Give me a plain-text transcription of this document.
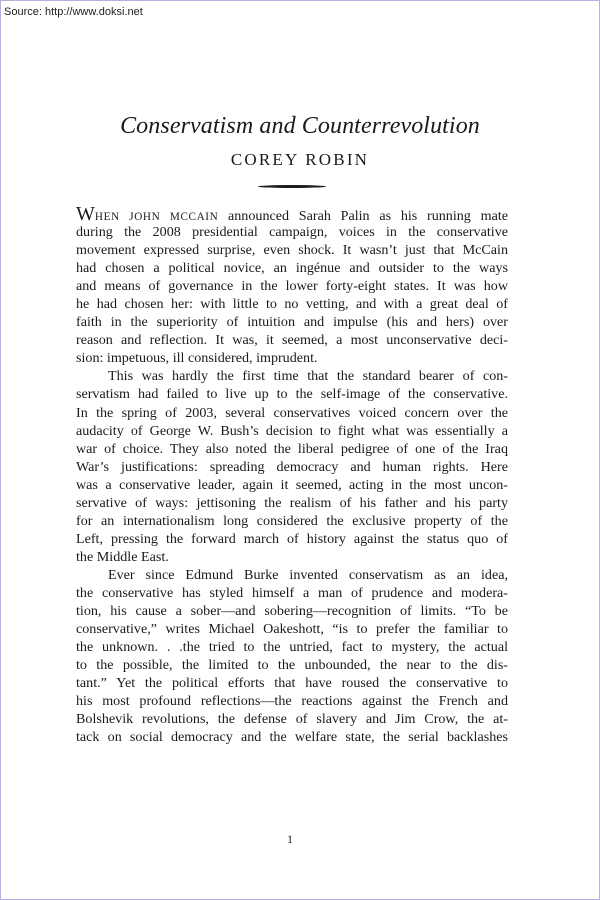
Source: http://www.doksi.net
Conservatism and Counterrevolution
COREY ROBIN
WHEN JOHN MCCAIN announced Sarah Palin as his running mate
during the 2008 presidential campaign, voices in the conservative
movement expressed surprise, even shock. It wasn’t just that McCain
had chosen a political novice, an ingénue and outsider to the ways
and means of governance in the lower forty-eight states. It was how
he had chosen her: with little to no vetting, and with a great deal of
faith in the superiority of intuition and impulse (his and hers) over
reason and reflection. It was, it seemed, a most unconservative deci-
sion: impetuous, ill considered, imprudent.
This was hardly the first time that the standard bearer of con-
servatism had failed to live up to the self-image of the conservative.
In the spring of 2003, several conservatives voiced concern over the
audacity of George W. Bush’s decision to fight what was essentially a
war of choice. They also noted the liberal pedigree of one of the Iraq
War’s justifications: spreading democracy and human rights. Here
was a conservative leader, again it seemed, acting in the most uncon-
servative of ways: jettisoning the realism of his father and his party
for an internationalism long considered the exclusive property of the
Left, pressing the forward march of history against the status quo of
the Middle East.
Ever since Edmund Burke invented conservatism as an idea,
the conservative has styled himself a man of prudence and modera-
tion, his cause a sober—and sobering—recognition of limits. “To be
conservative,” writes Michael Oakeshott, “is to prefer the familiar to
the unknown. . .the tried to the untried, fact to mystery, the actual
to the possible, the limited to the unbounded, the near to the dis-
tant.” Yet the political efforts that have roused the conservative to
his most profound reflections—the reactions against the French and
Bolshevik revolutions, the defense of slavery and Jim Crow, the at-
tack on social democracy and the welfare state, the serial backlashes
1
